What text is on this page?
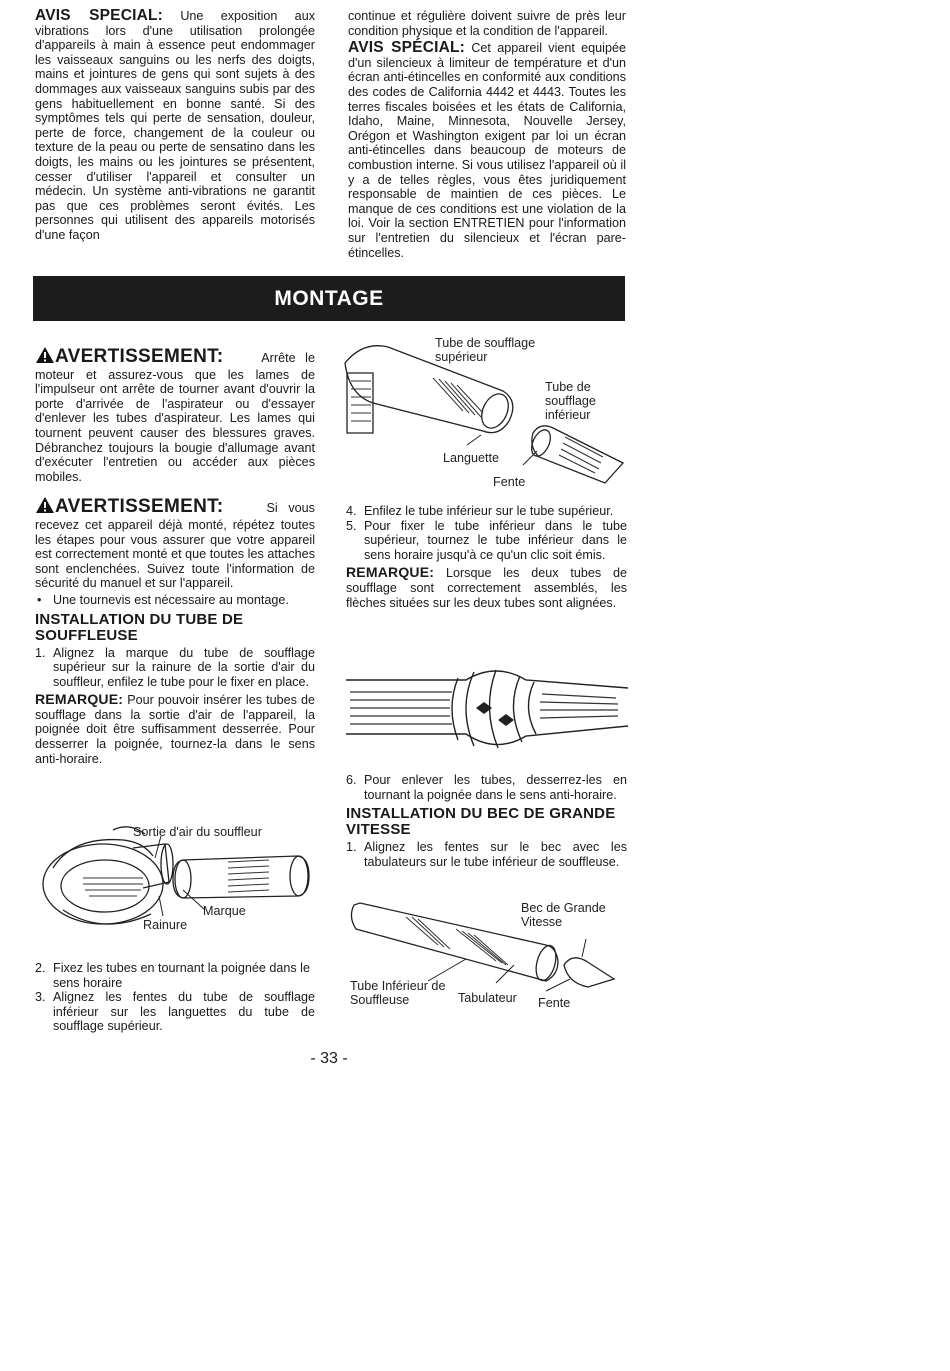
AVIS SPECIAL: Une exposition aux vibrations lors d'une utilisation prolongée d'appareils à main à essence peut endommager les vaisseaux sanguins ou les nerfs des doigts, mains et jointures de gens qui sont sujets à des dommages aux vaisseaux sanguins subis par des gens habituellement en bonne santé. Si des symptômes tels qui perte de sensation, douleur, perte de force, changement de la couleur ou texture de la peau ou perte de sensatino dans les doigts, les mains ou les jointures se présentent, cesser d'utiliser l'appareil et consulter un médecin. Un système anti-vibrations ne garantit pas que ces problèmes seront évités. Les personnes qui utilisent des appareils motorisés d'une façon

continue et régulière doivent suivre de près leur condition physique et la condition de l'appareil.

AVIS SPÉCIAL: Cet appareil vient equipée d'un silencieux à limiteur de température et d'un écran anti-étincelles en conformité aux conditions des codes de California 4442 et 4443. Toutes les terres fiscales boisées et les états de California, Idaho, Maine, Minnesota, Nouvelle Jersey, Orégon et Washington exigent par loi un écran anti-étincelles dans beaucoup de moteurs de combustion interne. Si vous utilisez l'appareil où il y a de telles règles, vous êtes juridiquement responsable de maintien de ces pièces. Le manque de ces conditions est une violation de la loi. Voir la section ENTRETIEN pour l'information sur l'entretien du silencieux et l'écran pare-étincelles.

MONTAGE

AVERTISSEMENT:	Arrête le moteur et assurez-vous que les lames de l'impulseur ont arrête de tourner avant d'ouvrir la porte d'arrivée de l'aspirateur ou d'essayer d'enlever les tubes d'aspirateur. Les lames qui tournent peuvent causer des blessures graves. Débranchez toujours la bougie d'allumage avant d'exécuter l'entretien ou accéder aux pièces mobiles.

AVERTISSEMENT:	Si vous recevez cet appareil déjà monté, répétez toutes les étapes pour vous assurer que votre appareil est correctement monté et que toutes les attaches sont enclenchées. Suivez toute l'information de sécurité du manuel et sur l'appareil.

• Une tournevis est nécessaire au montage.
INSTALLATION DU TUBE DE SOUFFLEUSE
1. Alignez la marque du tube de soufflage supérieur sur la rainure de la sortie d'air du souffleur, enfilez le tube pour le fixer en place.

REMARQUE: Pour pouvoir insérer les tubes de soufflage dans la sortie d'air de l'appareil, la poignée doit être suffisamment desserrée. Pour desserrer la poignée, tournez-la dans le sens anti-horaire.

Sortie d'air du souffleur
Marque
Rainure
2. Fixez les tubes en tournant la poignée dans le sens horaire
3. Alignez les fentes du tube de soufflage inférieur sur les languettes du tube de soufflage supérieur.
Tube de soufflage supérieur
Tube de soufflage inférieur
Languette
Fente
4. Enfilez le tube inférieur sur le tube supérieur.
5. Pour fixer le tube inférieur dans le tube supérieur, tournez le tube inférieur dans le sens horaire jusqu'à ce qu'un clic soit émis.

REMARQUE: Lorsque les deux tubes de soufflage sont correctement assemblés, les flèches situées sur les deux tubes sont alignées.

6. Pour enlever les tubes, desserrez-les en tournant la poignée dans le sens anti-horaire.
INSTALLATION DU BEC DE GRANDE VITESSE
1. Alignez les fentes sur le bec avec les tabulateurs sur le tube inférieur de souffleuse.
Bec de Grande Vitesse
Tube Inférieur de Souffleuse	Tabulateur Fente
- 33 -
